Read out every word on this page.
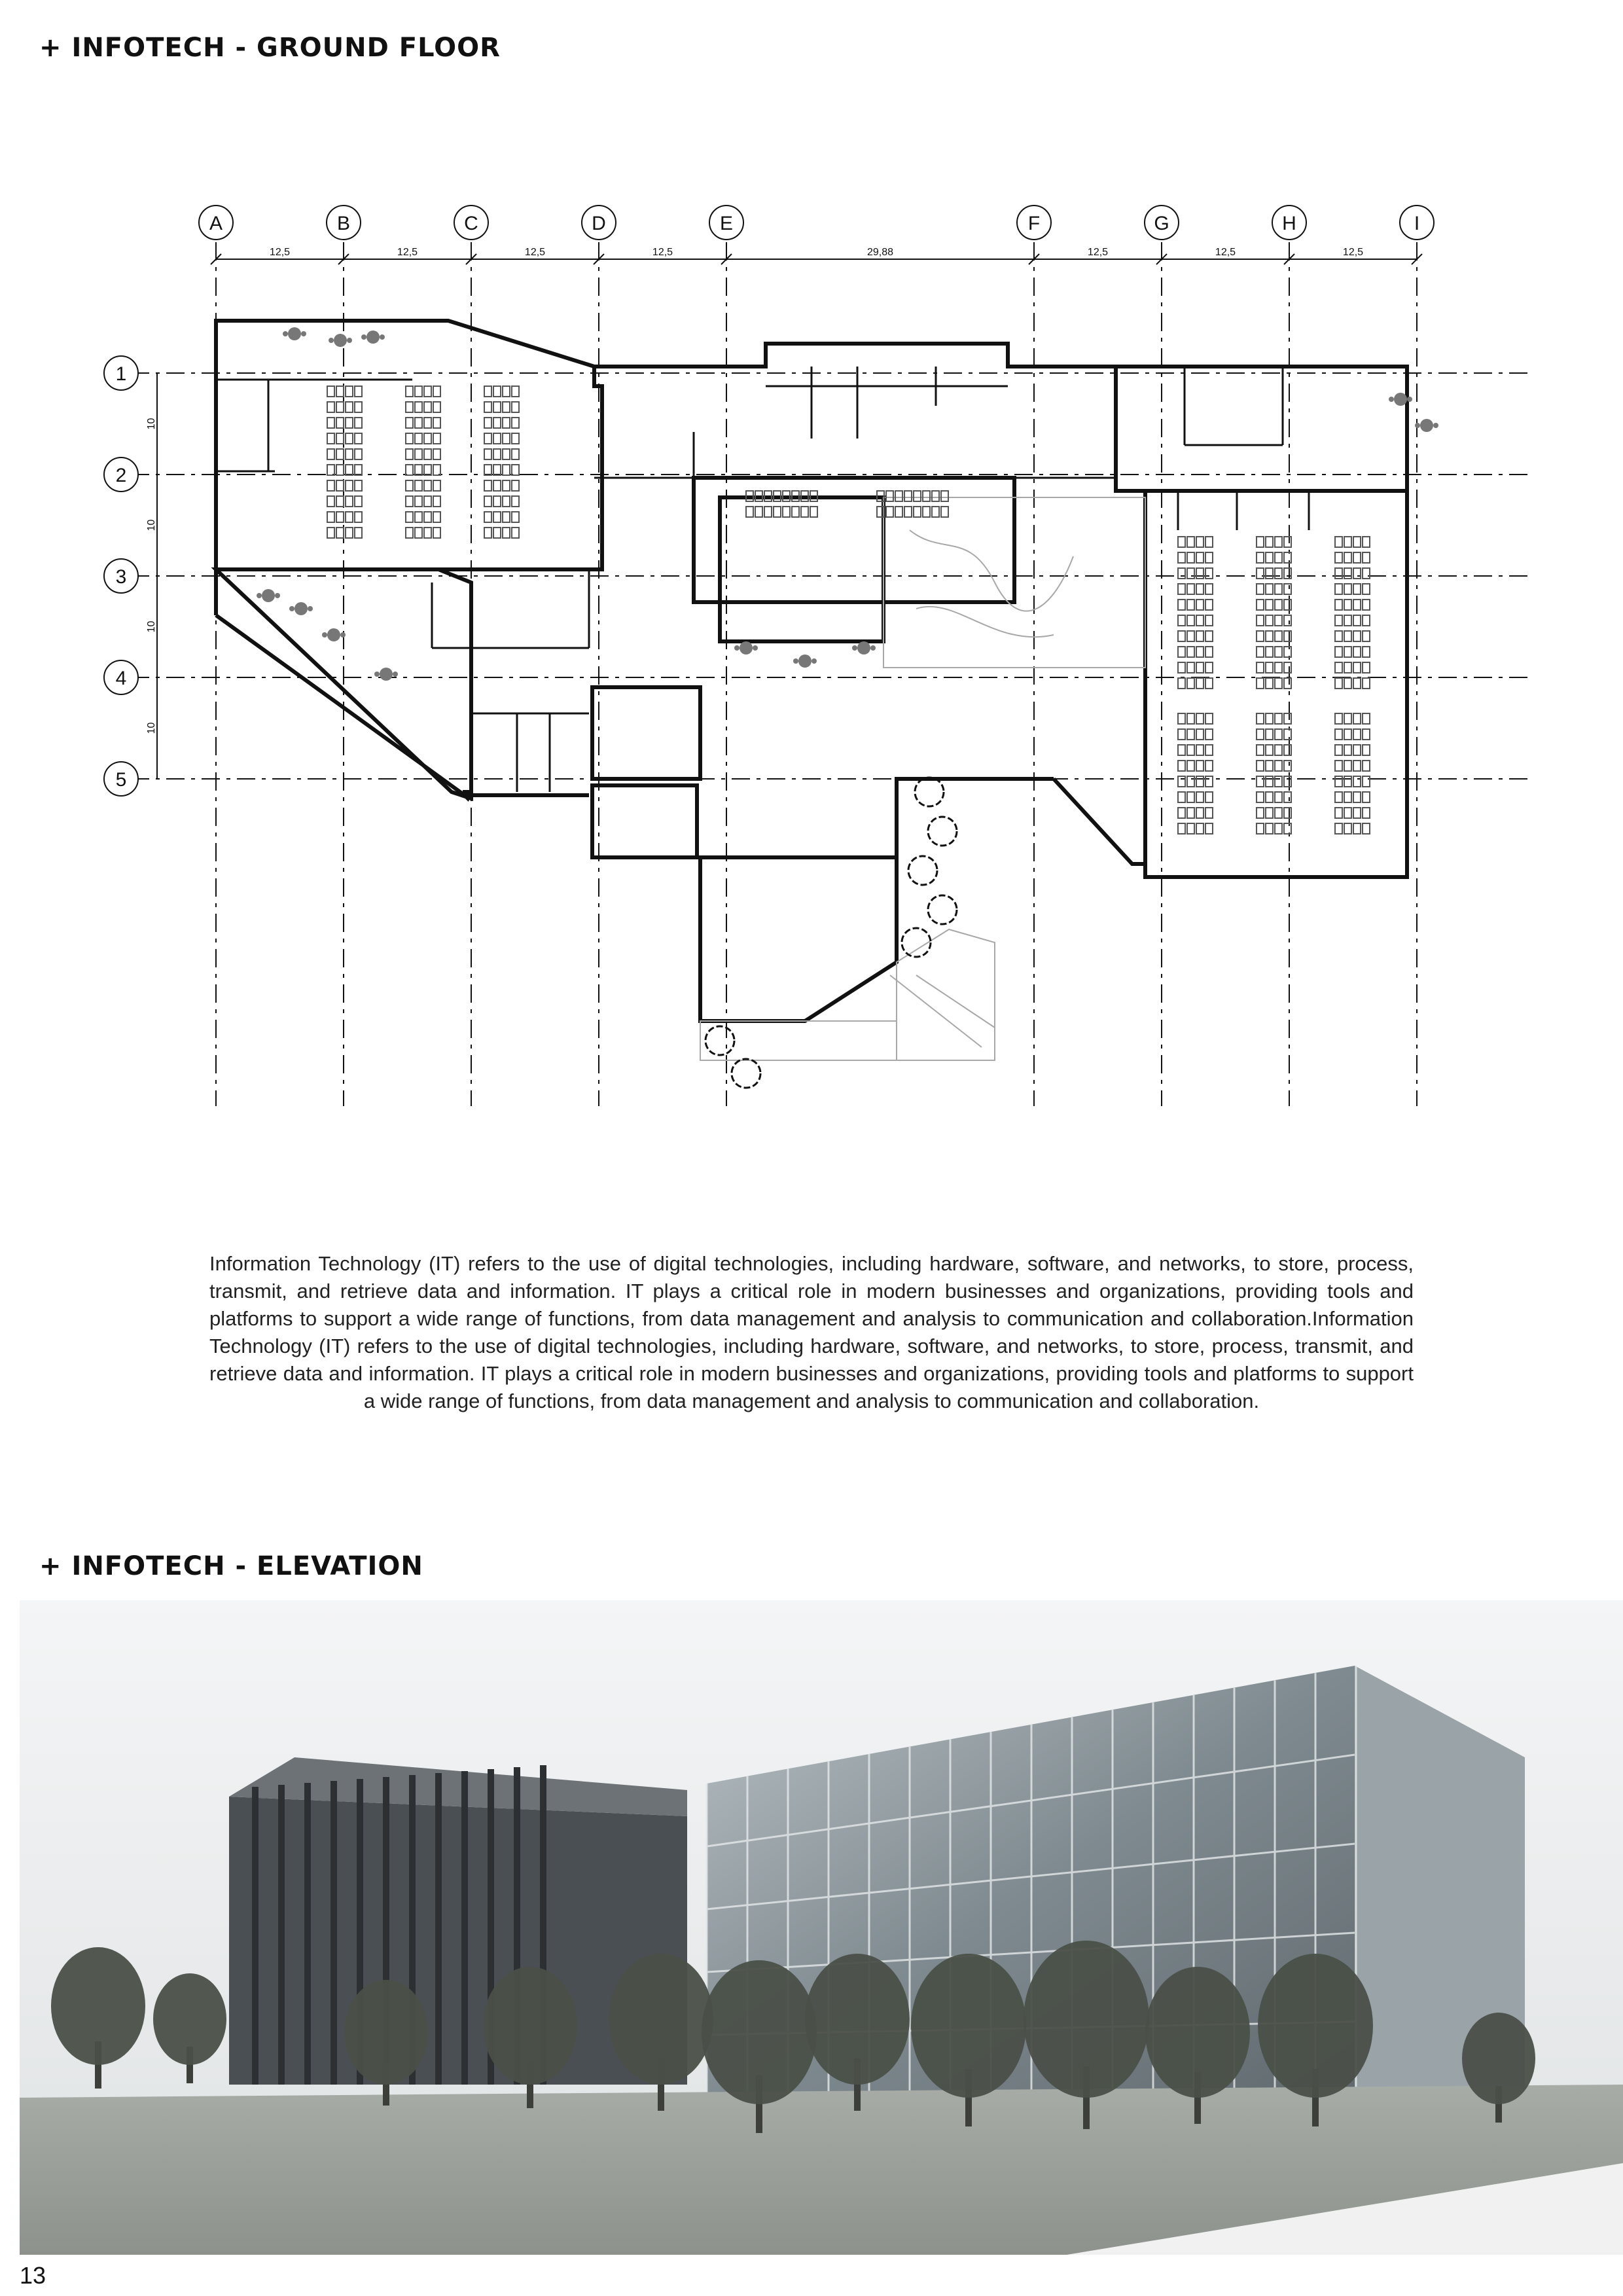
+ INFOTECH - GROUND FLOOR
A	B	C	D	E	F	G	H	I
1
2
3
4
5
12,5	12,5	12,5	12,5	29,88	12,5	12,5	12,5
10
10
10
10

Information Technology (IT) refers to the use of digital technologies, including hardware, software, and networks, to store, process, transmit, and retrieve data and information. IT plays a critical role in modern businesses and organizations, providing tools and platforms to support a wide range of functions, from data management and analysis to communication and collaboration.Information Technology (IT) refers to the use of digital technologies, including hardware, software, and networks, to store, process, transmit, and retrieve data and information. IT plays a critical role in modern businesses and organizations, providing tools and platforms to support a wide range of functions, from data management and analysis to communication and collaboration.

+ INFOTECH - ELEVATION
13
